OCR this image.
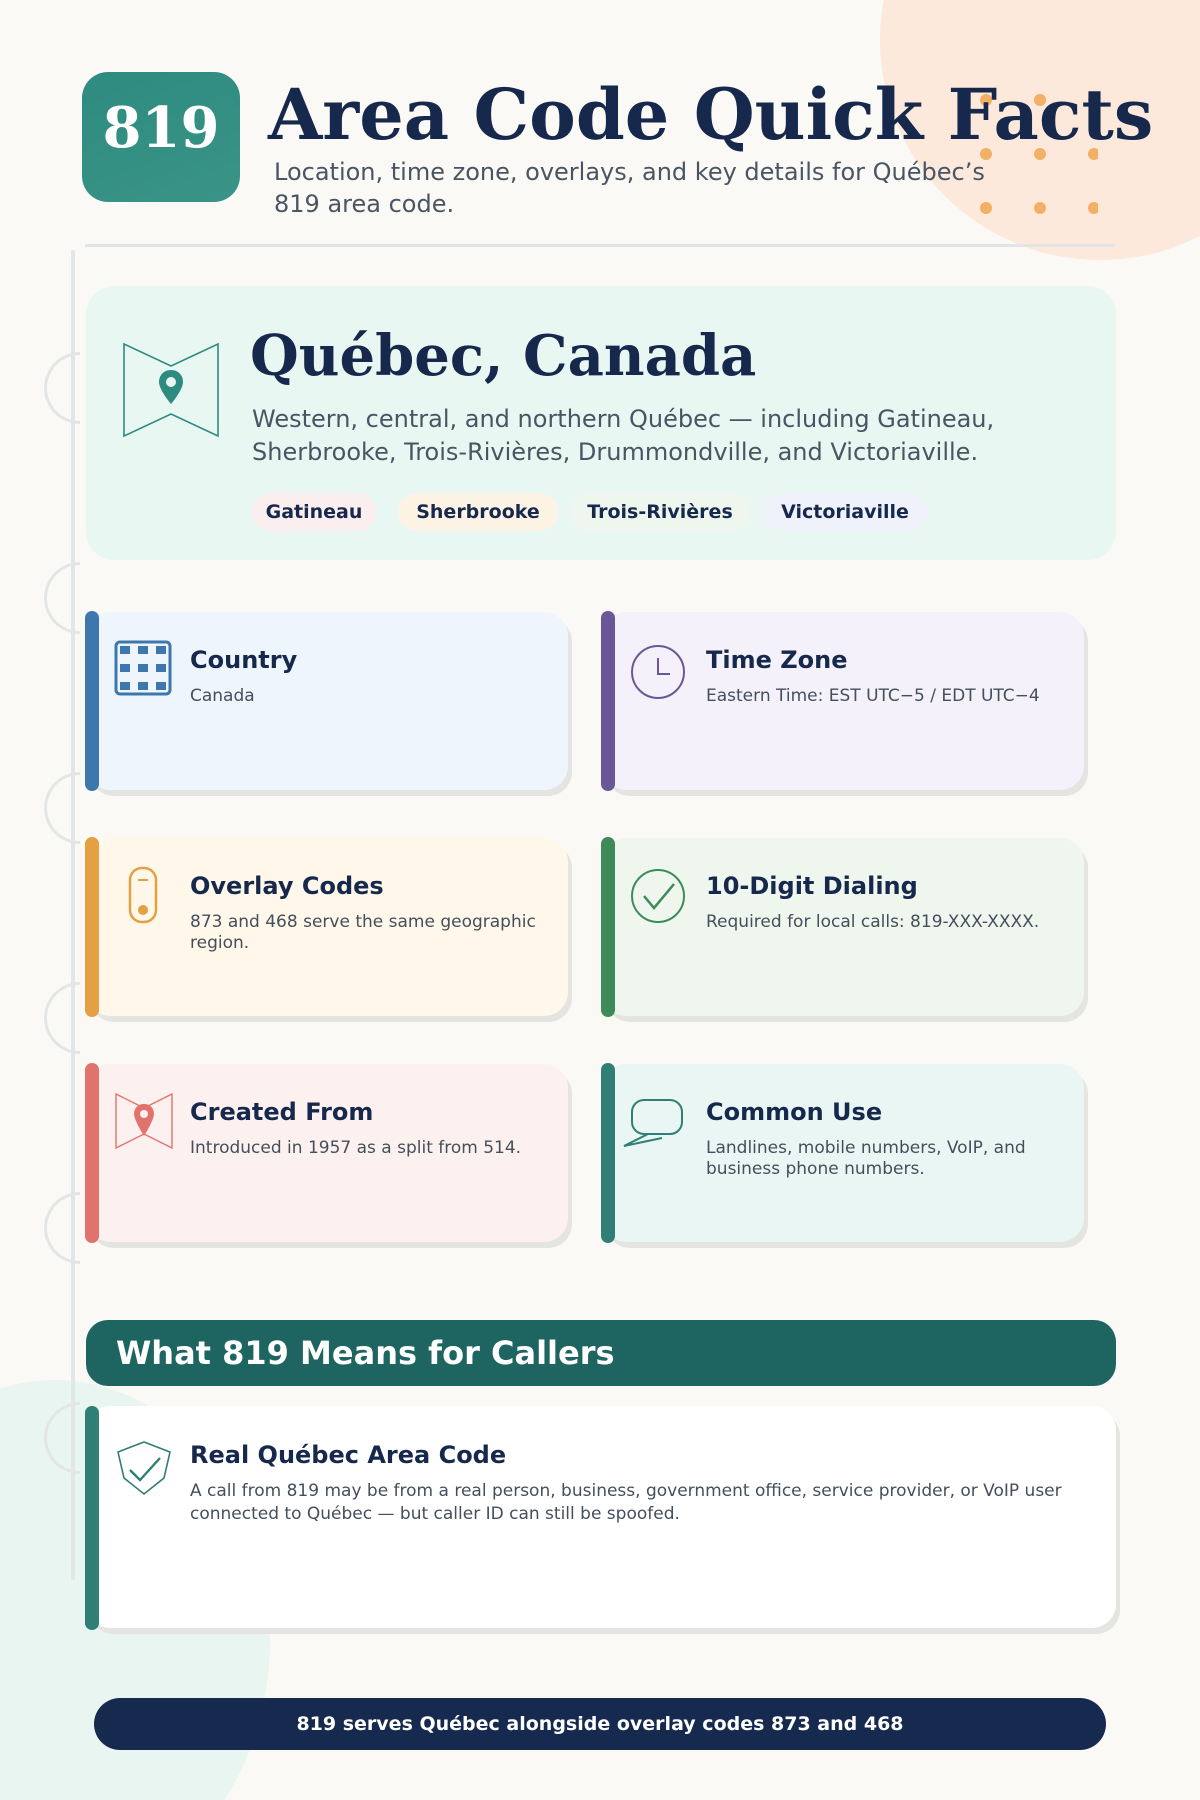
819 Area Code Quick Facts
Location, time zone, overlays, and key details for Québec’s 819 area code.
Québec, Canada
Western, central, and northern Québec — including Gatineau, Sherbrooke, Trois-Rivières, Drummondville, and Victoriaville.
Gatineau	Sherbrooke	Trois-Rivières	Victoriaville
Country
Canada
Time Zone
Eastern Time: EST UTC−5 / EDT UTC−4
Overlay Codes
873 and 468 serve the same geographic region.
10-Digit Dialing
Required for local calls: 819-XXX-XXXX.
Created From
Introduced in 1957 as a split from 514.
Common Use
Landlines, mobile numbers, VoIP, and business phone numbers.
What 819 Means for Callers
Real Québec Area Code
A call from 819 may be from a real person, business, government office, service provider, or VoIP user connected to Québec — but caller ID can still be spoofed.
819 serves Québec alongside overlay codes 873 and 468
